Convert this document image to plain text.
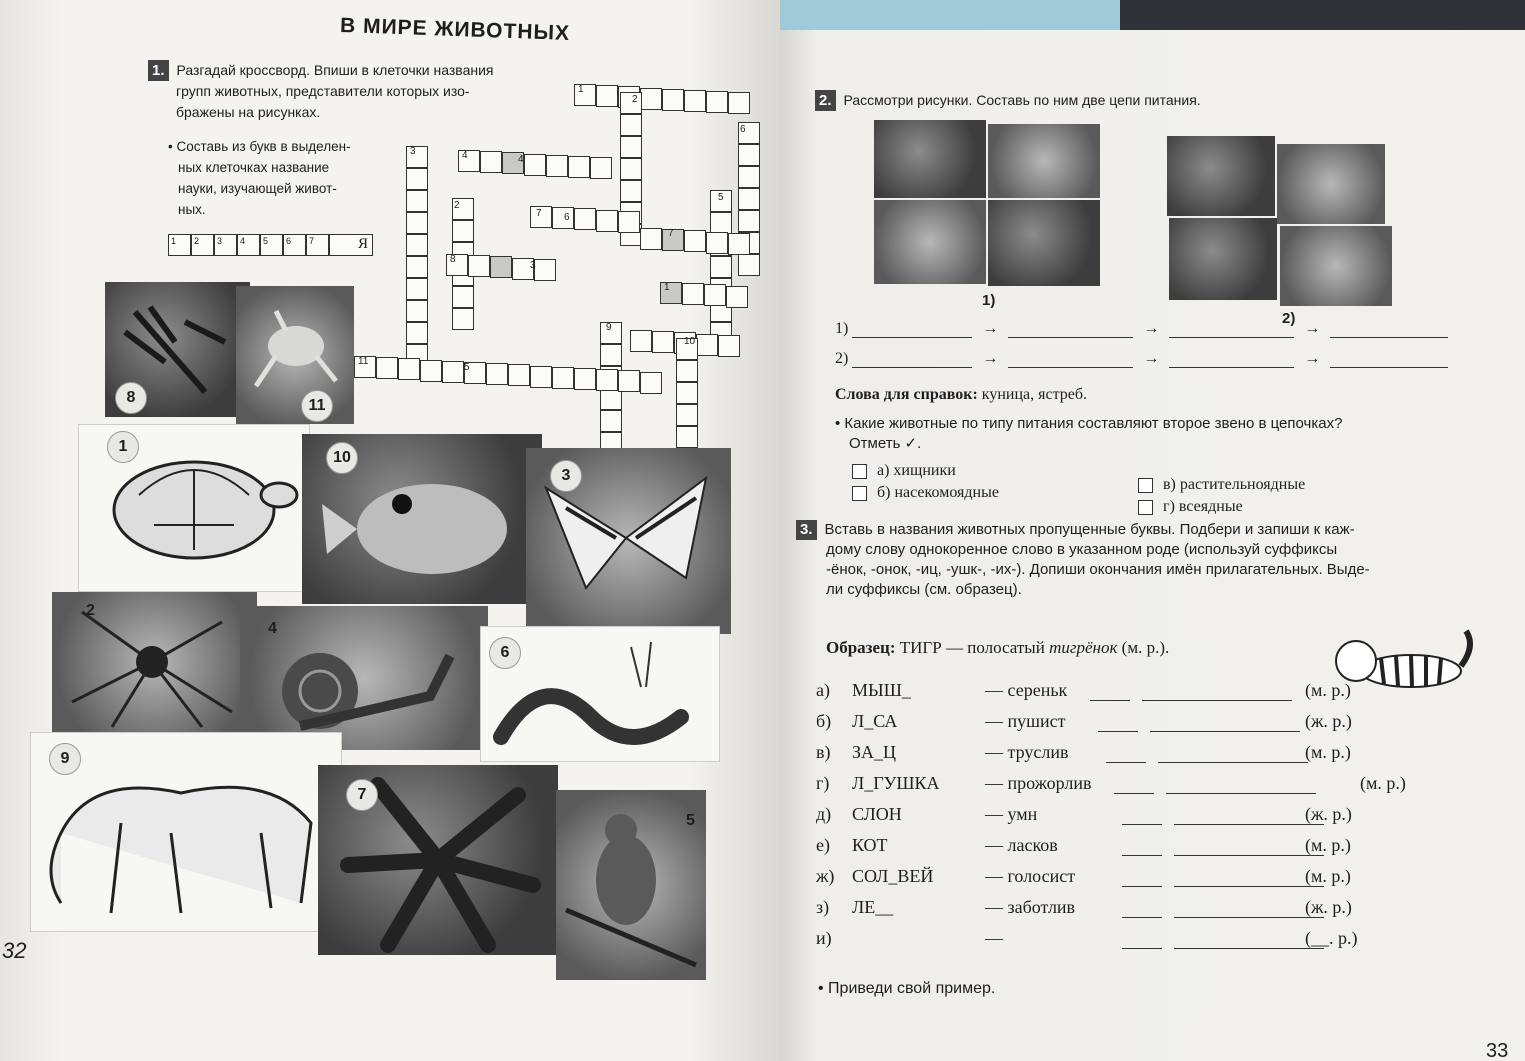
В МИРЕ ЖИВОТНЫХ
1. Разгадай кроссворд. Впиши в клеточки названия
групп животных, представители которых изо-
бражены на рисунках.
• Составь из букв в выделен-
ных клеточках название
науки, изучающей живот-
ных.
1	2	3	4	5	6	7	Я
1
2
3	4	4
5
6
7 6
7
2
8
3
1
9
10
11
5
8	11
1
10
3
2
4
6
9
7
5
32
2. Рассмотри рисунки. Составь по ним две цепи питания.
1)
2)
1)	→	→	→
2)	→	→	→
Слова для справок: куница, ястреб.
• Какие животные по типу питания составляют второе звено в цепочках?
Отметь ✓.
а) хищники
б) насекомоядные	в) растительноядные
г) всеядные
3. Вставь в названия животных пропущенные буквы. Подбери и запиши к каж-
дому слову однокоренное слово в указанном роде (используй суффиксы
-ёнок, -онок, -иц, -ушк-, -их-). Допиши окончания имён прилагательных. Выде-
ли суффиксы (см. образец).
Образец: ТИГР — полосатый тигрёнок (м. р.).
а) МЫШ_	— сереньк	(м. р.)
б) Л_СА	— пушист	(ж. р.)
в) ЗА_Ц	— труслив	(м. р.)
г) Л_ГУШКА	— прожорлив	(м. р.)
д) СЛОН	— умн	(ж. р.)
е) КОТ	— ласков	(м. р.)
ж) СОЛ_ВЕЙ	— голосист	(м. р.)
з) ЛЕ__	— заботлив	(ж. р.)
и)	—	(__. р.)
• Приведи свой пример.
33
